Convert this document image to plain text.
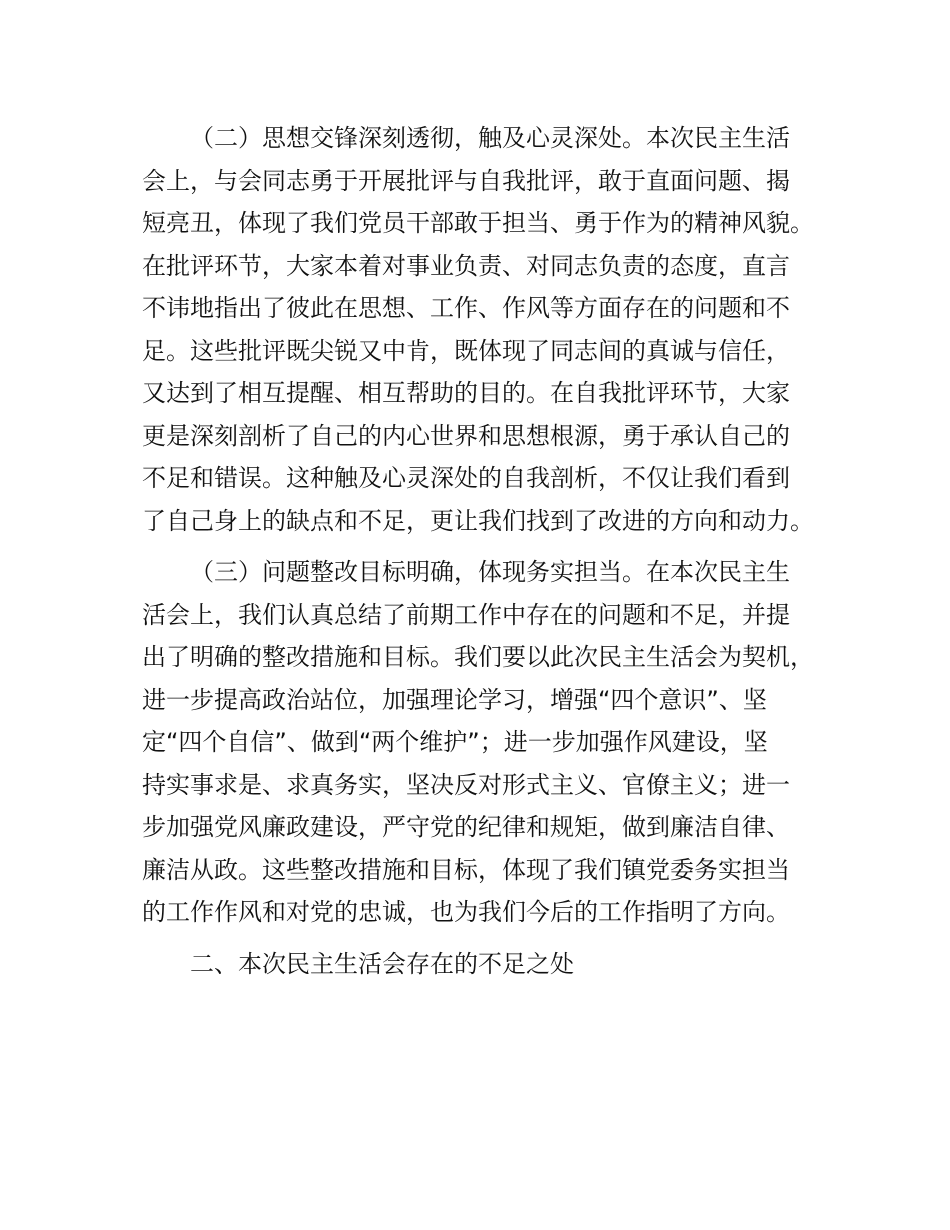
（二）思想交锋深刻透彻，触及心灵深处。本次民主生活
会上，与会同志勇于开展批评与自我批评，敢于直面问题、揭
短亮丑，体现了我们党员干部敢于担当、勇于作为的精神风貌。
在批评环节，大家本着对事业负责、对同志负责的态度，直言
不讳地指出了彼此在思想、工作、作风等方面存在的问题和不
足。这些批评既尖锐又中肯，既体现了同志间的真诚与信任，
又达到了相互提醒、相互帮助的目的。在自我批评环节，大家
更是深刻剖析了自己的内心世界和思想根源，勇于承认自己的
不足和错误。这种触及心灵深处的自我剖析，不仅让我们看到
了自己身上的缺点和不足，更让我们找到了改进的方向和动力。
（三）问题整改目标明确，体现务实担当。在本次民主生
活会上，我们认真总结了前期工作中存在的问题和不足，并提
出了明确的整改措施和目标。我们要以此次民主生活会为契机，
进一步提高政治站位，加强理论学习，增强“四个意识”、坚
定“四个自信”、做到“两个维护”；进一步加强作风建设，坚
持实事求是、求真务实，坚决反对形式主义、官僚主义；进一
步加强党风廉政建设，严守党的纪律和规矩，做到廉洁自律、
廉洁从政。这些整改措施和目标，体现了我们镇党委务实担当
的工作作风和对党的忠诚，也为我们今后的工作指明了方向。
二、本次民主生活会存在的不足之处
